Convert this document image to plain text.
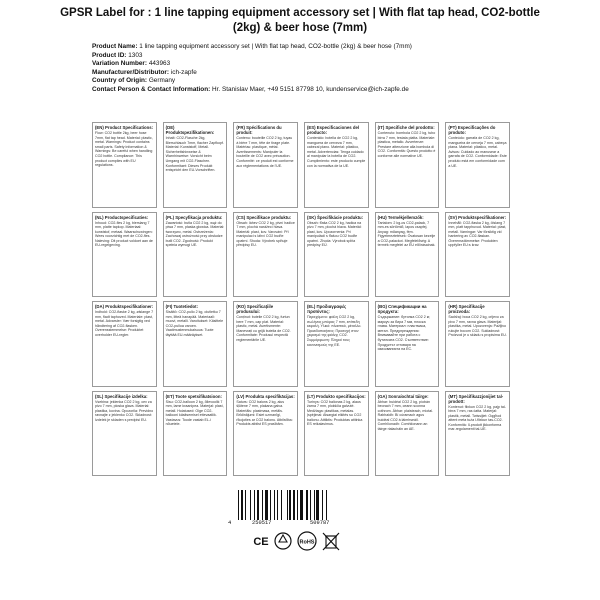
GPSR Label for : 1 line tapping equipment accessory set | With flat tap head, CO2-bottle (2kg) & beer hose (7mm)
Product Name: 1 line tapping equipment accessory set | With flat tap head, CO2-bottle (2kg) & beer hose (7mm)
Product ID: 1303
Variation Number: 443963
Manufacturer/Distributor: ich-zapfe
Country of Origin: Germany
Contact Person & Contact Information: Hr. Stanislav Maer, +49 5151 87798 10, kundenservice@ich-zapfe.de
(EN) Product Specifications:
Flow: CO2 bottle 2kg, beer hose 7mm, flat tap head. Material: plastic, metal. Warnings: Product contains small parts. Safety information & Warnings: Be careful when handling CO2 bottle. Compliance: This product complies with EU regulations.
(DE) Produktspezifikationen:
Inhalt: CO2-Flasche 2kg, Bierschlauch 7mm, flacher Zapfkopf. Material: Kunststoff, Metall. Sicherheitshinweise & Warnhinweise: Vorsicht beim Umgang mit CO2-Flaschen. Konformitaet: Dieses Produkt entspricht den EU-Vorschriften.
(FR) Spécifications du produit:
Contenu: bouteille CO2 2 kg, tuyau à bière 7 mm, tête de tirage plate. Matériau: plastique, métal. Avertissements: Manipuler la bouteille de CO2 avec précaution. Conformité: ce produit est conforme aux réglementations de l'UE.
(ES) Especificaciones del producto:
Contenido: botella de CO2 2 kg, manguera de cerveza 7 mm, cabezal plano. Material: plástico, metal. Advertencias: Tenga cuidado al manipular la botella de CO2. Cumplimiento: este producto cumple con la normativa de la UE.
(IT) Specifiche del prodotto:
Contenuto: bombola CO2 2 kg, tubo birra 7 mm, testata piatta. Materiale: plastica, metallo. Avvertenze: Prestare attenzione alla bombola di CO2. Conformità: Questo prodotto è conforme alle normative UE.
(PT) Especificações do produto:
Conteúdo: garrafa de CO2 2 kg, mangueira de cerveja 7 mm, cabeça plana. Material: plástico, metal. Avisos: Cuidado ao manusear a garrafa de CO2. Conformidade: Este produto está em conformidade com a UE.
(NL) Productspecificaties:
Inhoud: CO2-fles 2 kg, bierslang 7 mm, platte tapkop. Materiaal: kunststof, metaal. Waarschuwingen: Wees voorzichtig met de CO2-fles. Naleving: Dit product voldoet aan de EU-regelgeving.
(PL) Specyfikacja produktu:
Zawartość: butla CO2 2 kg, wąż do piwa 7 mm, płaska głowica. Materiał: tworzywo, metal. Ostrzeżenia: Zachowaj ostrożność przy obsłudze butli CO2. Zgodność: Produkt spełnia wymogi UE.
(CS) Specifikace produktu:
Obsah: láhev CO2 2 kg, pivní hadice 7 mm, plochá narážecí hlava. Materiál: plast, kov. Varování: Při manipulaci s láhví CO2 buďte opatrní. Shoda: Výrobek splňuje předpisy EU.
(SK) Špecifikácie produktu:
Obsah: fľaša CO2 2 kg, hadica na pivo 7 mm, plochá hlava. Materiál: plast, kov. Upozornenia: Pri manipulácii s fľašou CO2 buďte opatrní. Zhoda: Výrobok spĺňa predpisy EÚ.
(HU) Termékjellemzők:
Tartalom: 2 kg-os CO2-palack, 7 mm-es sörtömlő, lapos csapfej. Anyag: műanyag, fém. Figyelmeztetések: Óvatosan kezelje a CO2-palackot. Megfelelőség: A termék megfelel az EU előírásainak.
(SV) Produktspecifikationer:
Innehåll: CO2-flaska 2 kg, ölslang 7 mm, platt tapphuvud. Material: plast, metall. Varningar: Var försiktig vid hantering av CO2-flaskan. Överensstämmelse: Produkten uppfyller EU:s krav.
(DA) Produktspecifikationer:
Indhold: CO2-flaske 2 kg, ølslange 7 mm, fladt taphoved. Materiale: plast, metal. Advarsler: Vær forsigtig ved håndtering af CO2-flasken. Overensstemmelse: Produktet overholder EU-regler.
(FI) Tuotetiedot:
Sisältö: CO2-pullo 2 kg, olutletku 7 mm, litteä hanapää. Materiaali: muovi, metalli. Varoitukset: Käsittele CO2-pulloa varoen. Vaatimustenmukaisuus: Tuote täyttää EU-määräykset.
(RO) Specificațiile produsului:
Conținut: butelie CO2 2 kg, furtun bere 7 mm, cap plat. Material: plastic, metal. Avertismente: Manevrați cu grijă butelia de CO2. Conformitate: Produsul respectă reglementările UE.
(EL) Προδιαγραφές προϊόντος:
Περιεχόμενο: φιάλη CO2 2 kg, σωλήνας μπύρας 7 mm, επίπεδη κεφαλή. Υλικό: πλαστικό, μέταλλο. Προειδοποιήσεις: Προσοχή στον χειρισμό της φιάλης CO2. Συμμόρφωση: Πληροί τους κανονισμούς της ΕΕ.
(BG) Спецификации на продукта:
Съдържание: бутилка CO2 2 кг, маркуч за бира 7 мм, плоска глава. Материал: пластмаса, метал. Предупреждения: Внимавайте при работа с бутилката CO2. Съответствие: Продуктът отговаря на изискванията на ЕС.
(HR) Specifikacije proizvoda:
Sadržaj: boca CO2 2 kg, crijevo za pivo 7 mm, ravna glava. Materijal: plastika, metal. Upozorenja: Pažljivo rukujte bocom CO2. Sukladnost: Proizvod je u skladu s propisima EU.
(SL) Specifikacije izdelka:
Vsebina: jeklenka CO2 2 kg, cev za pivo 7 mm, ploska glava. Material: plastika, kovina. Opozorila: Previdno ravnajte z jeklenko CO2. Skladnost: Izdelek je skladen s predpisi EU.
(ET) Toote spetsifikatsioon:
Sisu: CO2-balloon 2 kg, õllevoolik 7 mm, lame kraanipea. Materjal: plast, metall. Hoiatused: Olge CO2-ballooni käsitsemisel ettevaatlik. Vastavus: Toode vastab EL-i nõuetele.
(LV) Produkta specifikācijas:
Saturs: CO2 balons 2 kg, alus šļūtene 7 mm, plakana galva. Materiāls: plastmasa, metāls. Brīdinājumi: Esiet uzmanīgi, rīkojoties ar CO2 balonu. Atbilstība: Produkts atbilst ES prasībām.
(LT) Produkto specifikacijos:
Turinys: CO2 balionas 2 kg, alaus žarna 7 mm, plokščia galvutė. Medžiaga: plastikas, metalas. Įspėjimai: Atsargiai elkitės su CO2 balionu. Atitiktis: Produktas atitinka ES reikalavimus.
(GA) Sonraíochtaí táirge:
Ábhar: buidéal CO2 2 kg, píobán beorach 7 mm, ceann sconna cothrom. Ábhar: plaisteach, miotal. Rabhaidh: Bí cúramach agus buidéal CO2 á láimhseáil. Comhlíonadh: Comhlíonann an táirge rialacháin an AE.
(MT) Speċifikazzjonijiet tal-prodott:
Kontenut: flixkun CO2 2 kg, pajp tal-birra 7 mm, ras ċatta. Materjal: plastik, metall. Twissijiet: Oqgħod attent meta tuża l-flixkun tas-CO2. Konformità: Il-prodott jikkonforma mar-regolamenti tal-UE.
4	250517	509787
CE	RoHS
